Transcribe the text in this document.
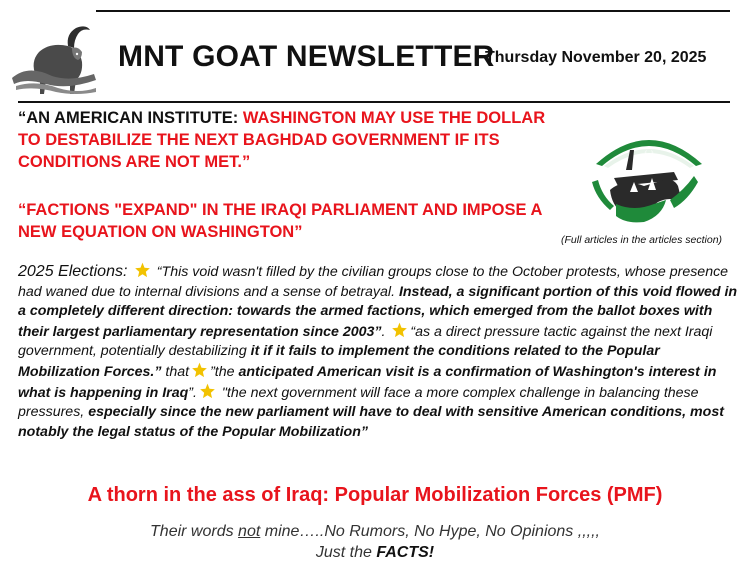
MNT GOAT NEWSLETTER
Thursday November 20, 2025
“AN AMERICAN INSTITUTE: WASHINGTON MAY USE THE DOLLAR TO DESTABILIZE THE NEXT BAGHDAD GOVERNMENT IF ITS CONDITIONS ARE NOT MET.”
“FACTIONS "EXPAND" IN THE IRAQI PARLIAMENT AND IMPOSE A NEW EQUATION ON WASHINGTON”
﴾ ﴿
(Full articles in the articles section)
2025 Elections:  “This void wasn't filled by the civilian groups close to the October protests, whose presence had waned due to internal divisions and a sense of betrayal. Instead, a significant portion of this void flowed in a completely different direction: towards the armed factions, which emerged from the ballot boxes with their largest parliamentary representation since 2003”. “as a direct pressure tactic against the next Iraqi government, potentially destabilizing it if it fails to implement the conditions related to the Popular Mobilization Forces.” that ”the anticipated American visit is a confirmation of Washington's interest in what is happening in Iraq”. "the next government will face a more complex challenge in balancing these pressures, especially since the new parliament will have to deal with sensitive American conditions, most notably the legal status of the Popular Mobilization”
A thorn in the ass of Iraq: Popular Mobilization Forces (PMF)
Their words not mine…..No Rumors, No Hype, No Opinions ,,,,,
Just the FACTS!
